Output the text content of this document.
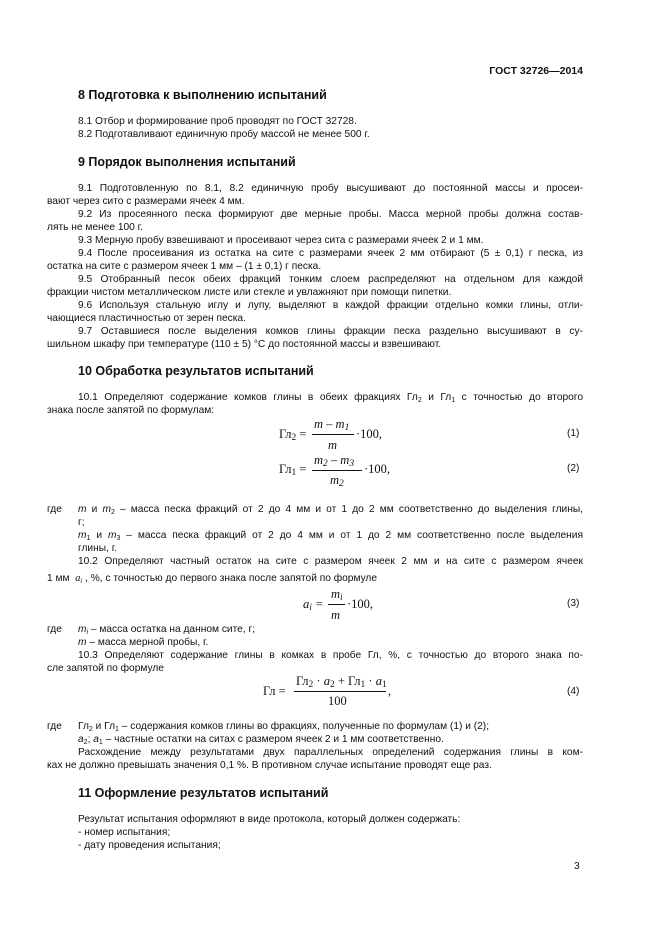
ГОСТ 32726—2014
8 Подготовка к выполнению испытаний
8.1 Отбор и формирование проб проводят по ГОСТ 32728.
8.2 Подготавливают единичную пробу массой не менее 500 г.
9 Порядок выполнения испытаний
9.1 Подготовленную по 8.1, 8.2 единичную пробу высушивают до постоянной массы и просеи-
вают через сито с размерами ячеек 4 мм.
9.2 Из просеянного песка формируют две мерные пробы. Масса мерной пробы должна состав-
лять не менее 100 г.
9.3 Мерную пробу взвешивают и просеивают через сита с размерами ячеек 2 и 1 мм.
9.4 После просеивания из остатка на сите с размерами ячеек 2 мм отбирают (5 ± 0,1) г песка, из
остатка на сите с размером ячеек 1 мм – (1 ± 0,1) г песка.
9.5 Отобранный песок обеих фракций тонким слоем распределяют на отдельном для каждой
фракции чистом металлическом листе или стекле и увлажняют при помощи пипетки.
9.6 Используя стальную иглу и лупу, выделяют в каждой фракции отдельно комки глины, отли-
чающиеся пластичностью от зерен песка.
9.7 Оставшиеся после выделения комков глины фракции песка раздельно высушивают в су-
шильном шкафу при температуре (110 ± 5) °С до постоянной массы и взвешивают.
10 Обработка результатов испытаний
10.1 Определяют содержание комков глины в обеих фракциях $Гл_2$ и $Гл_1$ с точностью до второго
знака после запятой по формулам:
$Гл_2$ =
m – $m_1$
m
·100,	(1)
$Гл_1$ =
$m_2 - m_3$
$m_2$
·100,	(2)
где m и $m_2$ – масса песка фракций от 2 до 4 мм и от 1 до 2 мм соответственно до выделения глины,
г;
$m_1$ и $m_3$ – масса песка фракций от 2 до 4 мм и от 1 до 2 мм соответственно после выделения
глины, г.
10.2 Определяют частный остаток на сите с размером ячеек 2 мм и на сите с размером ячеек
1 мм $a_i$ , %, с точностью до первого знака после запятой по формуле
$a_i$ =
$m_i$
m
·100,	(3)
где $m_i$ – масса остатка на данном сите, г;
m – масса мерной пробы, г.
10.3 Определяют содержание глины в комках в пробе Гл, %, с точностью до второго знака по-
сле запятой по формуле
Гл =
$Гл_2 \cdot a_2 + Гл_1 \cdot a_1$
100
,	(4)
где $Гл_2$ и $Гл_1$ – содержания комков глины во фракциях, полученные по формулам (1) и (2);
$a_2$; $a_1$ – частные остатки на ситах с размером ячеек 2 и 1 мм соответственно.
Расхождение между результатами двух параллельных определений содержания глины в ком-
ках не должно превышать значения 0,1 %. В противном случае испытание проводят еще раз.
11 Оформление результатов испытаний
Результат испытания оформляют в виде протокола, который должен содержать:
- номер испытания;
- дату проведения испытания;
3
